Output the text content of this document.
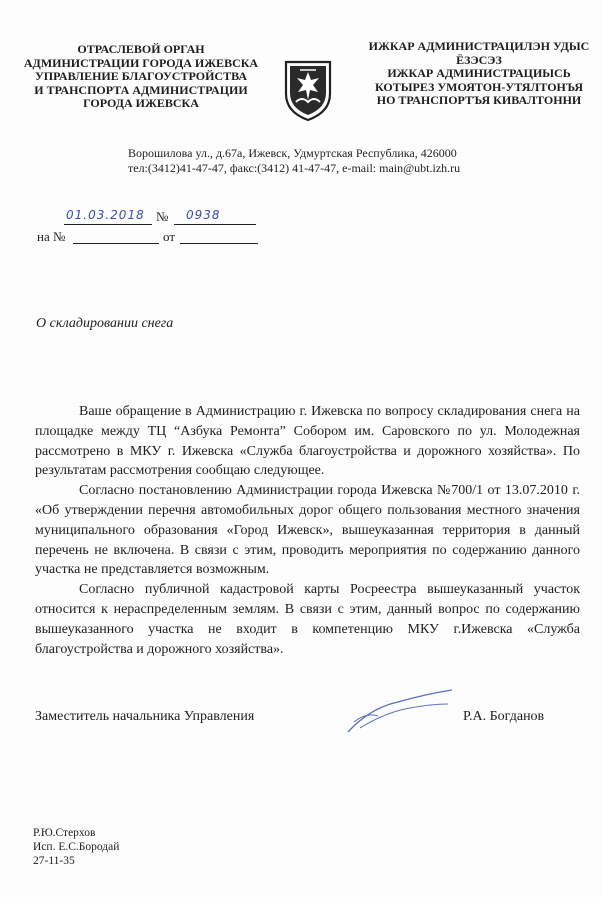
ОТРАСЛЕВОЙ ОРГАН
АДМИНИСТРАЦИИ ГОРОДА ИЖЕВСКА
УПРАВЛЕНИЕ БЛАГОУСТРОЙСТВА
И ТРАНСПОРТА АДМИНИСТРАЦИИ
ГОРОДА ИЖЕВСКА
ИЖКАР АДМИНИСТРАЦИЛЭН УДЫС
ЁЗЭСЭЗ
ИЖКАР АДМИНИСТРАЦИЫСЬ
КОТЫРЕЗ УМОЯТОН-УТЯЛТОНЪЯ
НО ТРАНСПОРТЪЯ КИВАЛТОННИ
Ворошилова ул., д.67а, Ижевск, Удмуртская Республика, 426000
тел:(3412)41-47-47, факс:(3412) 41-47-47, e-mail: main@ubt.izh.ru
01.03.2018 № 0938
на №	от
О складировании снега

Ваше обращение в Администрацию г. Ижевска по вопросу складирования снега на площадке между ТЦ “Азбука Ремонта” Собором им. Саровского по ул. Молодежная рассмотрено в МКУ г. Ижевска «Служба благоустройства и дорожного хозяйства». По результатам рассмотрения сообщаю следующее.

Согласно постановлению Администрации города Ижевска №700/1 от 13.07.2010 г. «Об утверждении перечня автомобильных дорог общего пользования местного значения муниципального образования «Город Ижевск», вышеуказанная территория в данный перечень не включена. В связи с этим, проводить мероприятия по содержанию данного участка не представляется возможным.

Согласно публичной кадастровой карты Росреестра вышеуказанный участок относится к нераспределенным землям. В связи с этим, данный вопрос по содержанию вышеуказанного участка не входит в компетенцию МКУ г.Ижевска «Служба благоустройства и дорожного хозяйства».

Заместитель начальника Управления	Р.А. Богданов
Р.Ю.Стерхов
Исп. Е.С.Бородай
27-11-35
